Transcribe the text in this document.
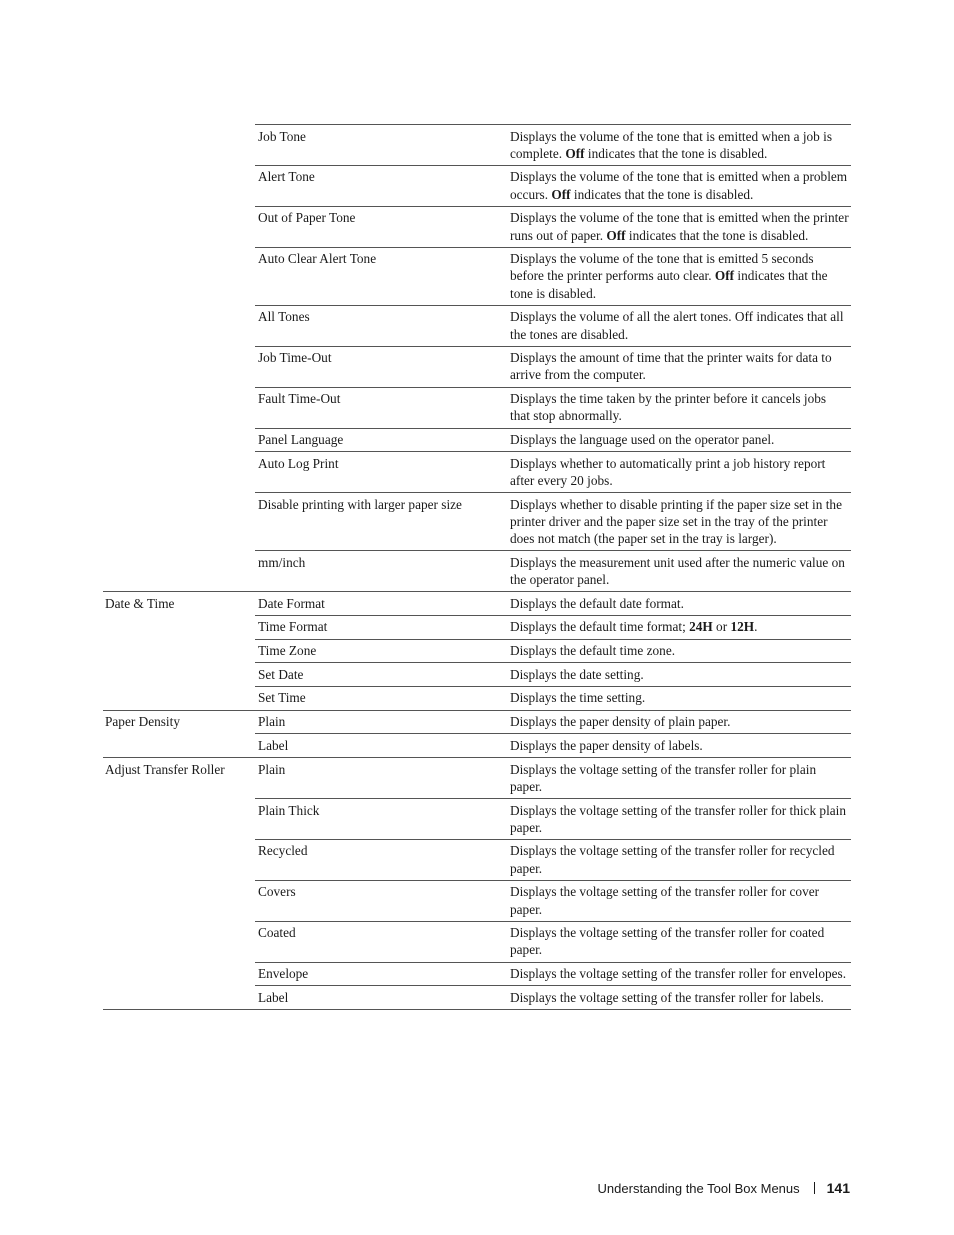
	Job Tone	Displays the volume of the tone that is emitted when a job is complete. Off indicates that the tone is disabled.
	Alert Tone	Displays the volume of the tone that is emitted when a problem occurs. Off indicates that the tone is disabled.
	Out of Paper Tone	Displays the volume of the tone that is emitted when the printer runs out of paper. Off indicates that the tone is disabled.
	Auto Clear Alert Tone	Displays the volume of the tone that is emitted 5 seconds before the printer performs auto clear. Off indicates that the tone is disabled.
	All Tones	Displays the volume of all the alert tones. Off indicates that all the tones are disabled.
	Job Time-Out	Displays the amount of time that the printer waits for data to arrive from the computer.
	Fault Time-Out	Displays the time taken by the printer before it cancels jobs that stop abnormally.
	Panel Language	Displays the language used on the operator panel.
	Auto Log Print	Displays whether to automatically print a job history report after every 20 jobs.
	Disable printing with larger paper size	Displays whether to disable printing if the paper size set in the printer driver and the paper size set in the tray of the printer does not match (the paper set in the tray is larger).
	mm/inch	Displays the measurement unit used after the numeric value on the operator panel.
Date & Time	Date Format	Displays the default date format.
	Time Format	Displays the default time format; 24H or 12H.
	Time Zone	Displays the default time zone.
	Set Date	Displays the date setting.
	Set Time	Displays the time setting.
Paper Density	Plain	Displays the paper density of plain paper.
	Label	Displays the paper density of labels.
Adjust Transfer Roller	Plain	Displays the voltage setting of the transfer roller for plain paper.
	Plain Thick	Displays the voltage setting of the transfer roller for thick plain paper.
	Recycled	Displays the voltage setting of the transfer roller for recycled paper.
	Covers	Displays the voltage setting of the transfer roller for cover paper.
	Coated	Displays the voltage setting of the transfer roller for coated paper.
	Envelope	Displays the voltage setting of the transfer roller for envelopes.
	Label	Displays the voltage setting of the transfer roller for labels.
Understanding the Tool Box Menus 141
